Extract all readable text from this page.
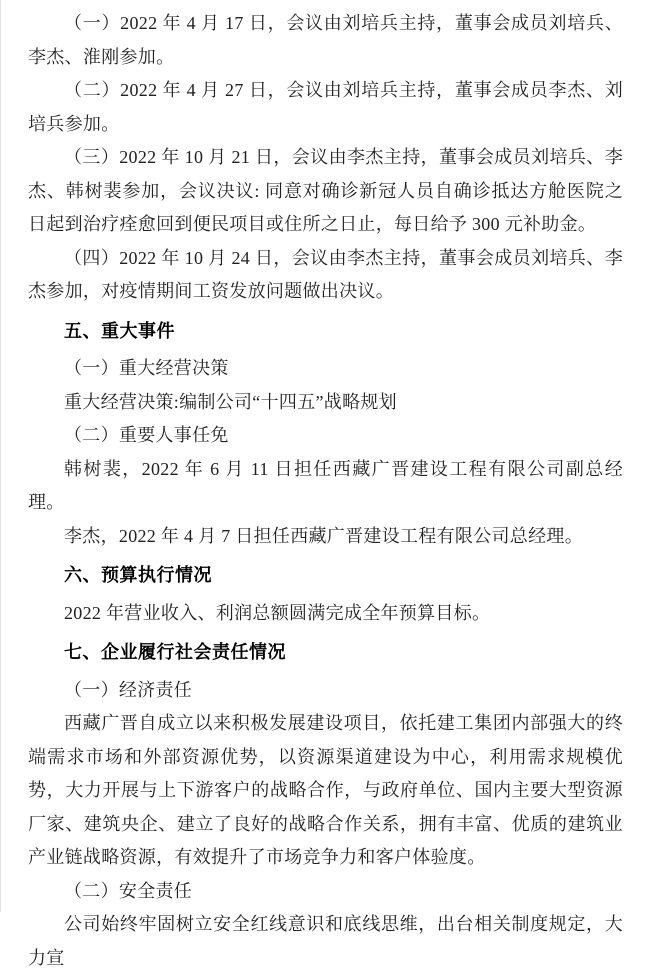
（一）2022 年 4 月 17 日，会议由刘培兵主持，董事会成员刘培兵、李杰、淮刚参加。

（二）2022 年 4 月 27 日，会议由刘培兵主持，董事会成员李杰、刘培兵参加。

（三）2022 年 10 月 21 日，会议由李杰主持，董事会成员刘培兵、李杰、韩树裴参加，会议决议: 同意对确诊新冠人员自确诊抵达方舱医院之日起到治疗痊愈回到便民项目或住所之日止，每日给予 300 元补助金。

（四）2022 年 10 月 24 日，会议由李杰主持，董事会成员刘培兵、李杰参加，对疫情期间工资发放问题做出决议。

五、重大事件

（一）重大经营决策

重大经营决策:编制公司“十四五”战略规划

（二）重要人事任免

韩树裴，2022 年 6 月 11 日担任西藏广晋建设工程有限公司副总经理。

李杰，2022 年 4 月 7 日担任西藏广晋建设工程有限公司总经理。

六、预算执行情况

2022 年营业收入、利润总额圆满完成全年预算目标。

七、企业履行社会责任情况

（一）经济责任

西藏广晋自成立以来积极发展建设项目，依托建工集团内部强大的终端需求市场和外部资源优势，以资源渠道建设为中心，利用需求规模优势，大力开展与上下游客户的战略合作，与政府单位、国内主要大型资源厂家、建筑央企、建立了良好的战略合作关系，拥有丰富、优质的建筑业产业链战略资源，有效提升了市场竞争力和客户体验度。

（二）安全责任

公司始终牢固树立安全红线意识和底线思维，出台相关制度规定，大力宣
